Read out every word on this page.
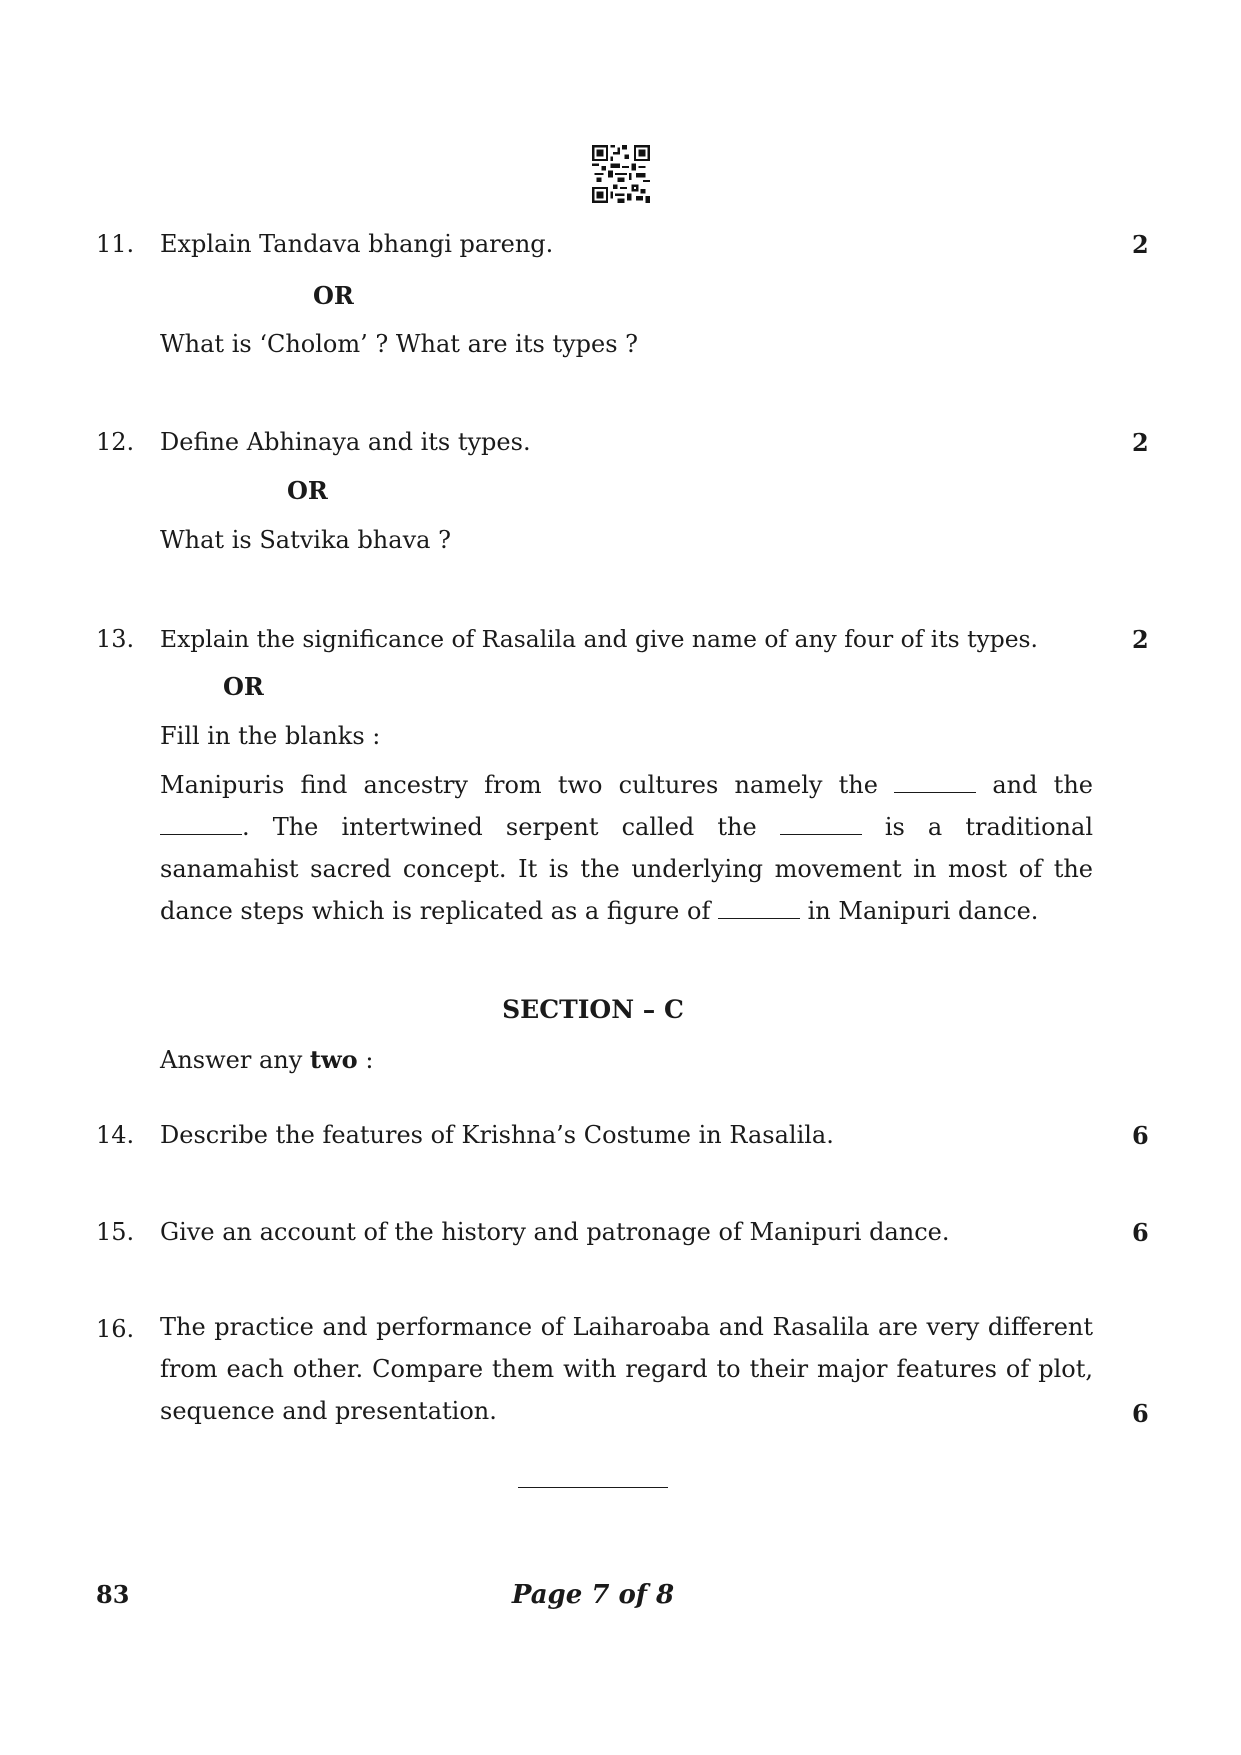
11. Explain Tandava bhangi pareng.	2
OR
What is ‘Cholom’ ? What are its types ?
12. Define Abhinaya and its types.	2
OR
What is Satvika bhava ?
13. Explain the significance of Rasalila and give name of any four of its types.	2
OR
Fill in the blanks :

Manipuris find ancestry from two cultures namely the	and the . The intertwined serpent called the	is a traditional sanamahist sacred concept. It is the underlying movement in most of the dance steps which is replicated as a figure of	in Manipuri dance.

SECTION – C
Answer any two :
14. Describe the features of Krishna’s Costume in Rasalila.	6
15. Give an account of the history and patronage of Manipuri dance.	6
16. The practice and performance of Laiharoaba and Rasalila are very different from each other. Compare them with regard to their major features of plot, sequence and presentation.	6
83	Page 7 of 8
